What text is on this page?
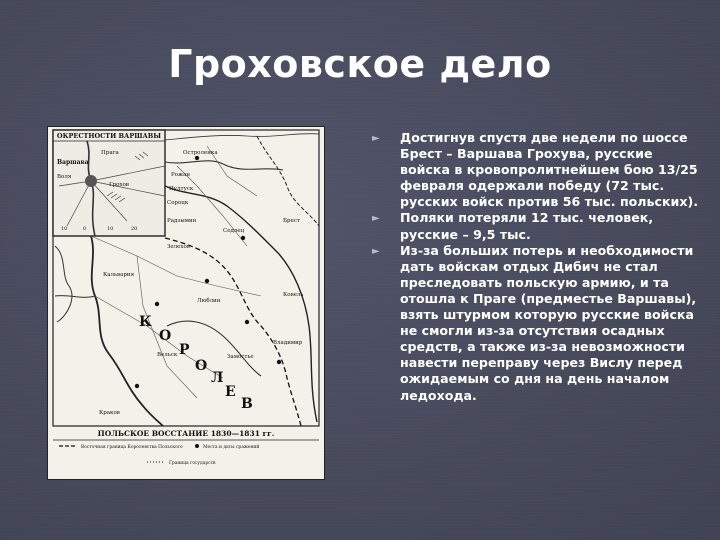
Гроховское дело
ОКРЕСТНОСТИ ВАРШАВЫ
Варшава
Воля
Грохов
Прага
10	0	10	20
К
О
Р
О
Л
Е
В
Остроленка
Рожан
Пултуск
Сероцк
Радзымин
Зелехов
Люблин
Седлец
Брест
Кальвария
Вельск
Ковель
Владимир
Замостье
Краков
ПОЛЬСКОЕ ВОССТАНИЕ 1830—1831 гг.
Восточная граница Королевства Польского	Места и даты сражений
Граница государств
► Достигнув спустя две недели по шоссе Брест – Варшава Грохува, русские войска в кровопролитнейшем бою 13/25 февраля одержали победу (72 тыс. русских войск против 56 тыс. польских).
► Поляки потеряли 12 тыс. человек, русские – 9,5 тыс.
► Из-за больших потерь и необходимости дать войскам отдых Дибич не стал преследовать польскую армию, и та отошла к Праге (предместье Варшавы), взять штурмом которую русские войска не смогли из-за отсутствия осадных средств, а также из-за невозможности навести переправу через Вислу перед ожидаемым со дня на день началом ледохода.
